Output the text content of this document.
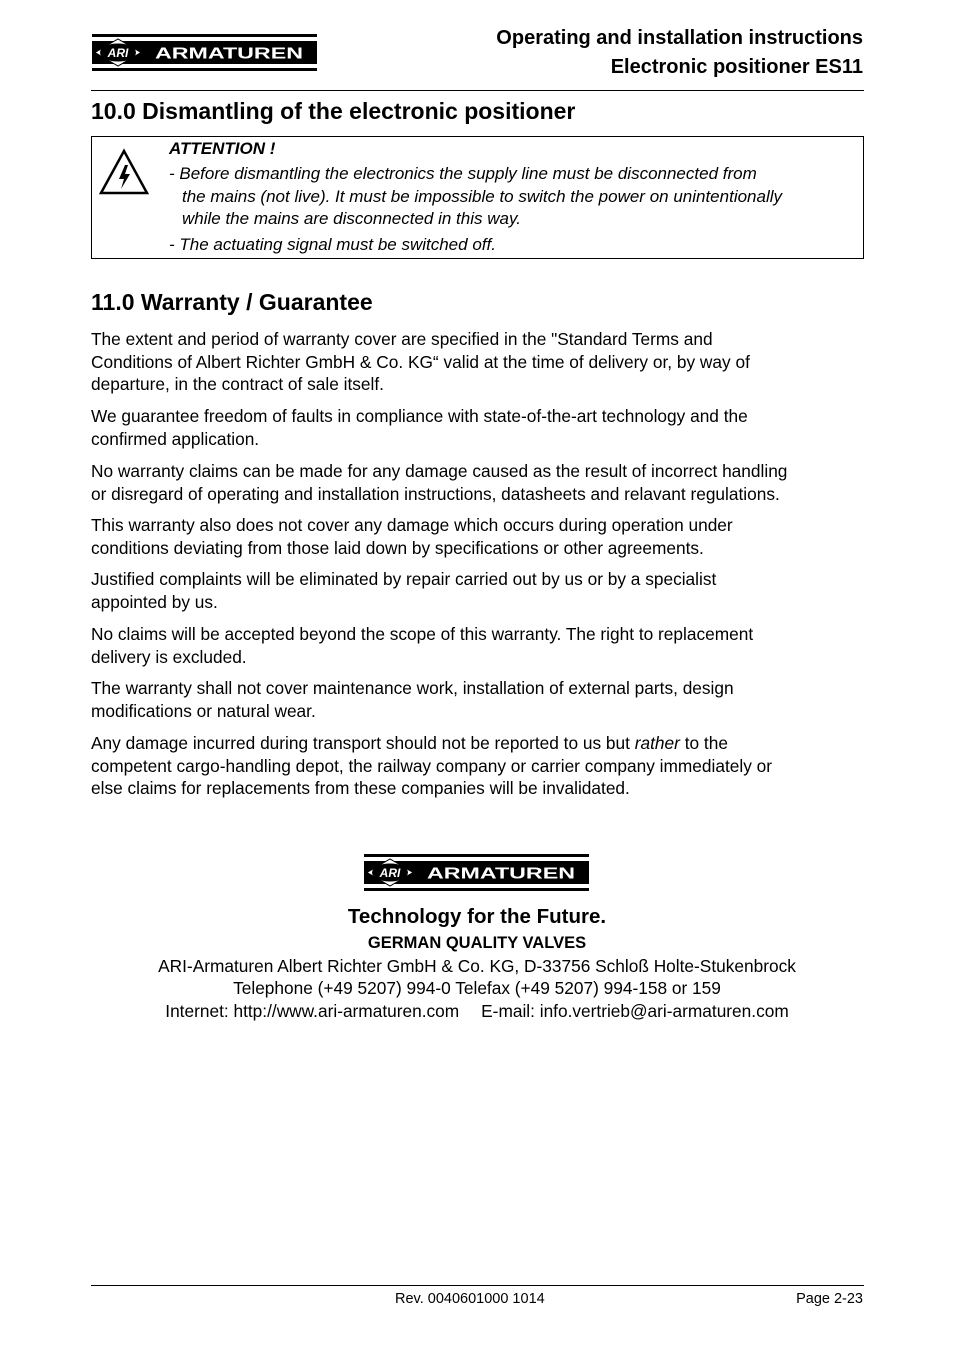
ARI ARMATUREN
Operating and installation instructions
Electronic positioner ES11
10.0 Dismantling of the electronic positioner
ATTENTION !
- Before dismantling the electronics the supply line must be disconnected from
the mains (not live). It must be impossible to switch the power on unintentionally
while the mains are disconnected in this way.
- The actuating signal must be switched off.
11.0 Warranty / Guarantee
The extent and period of warranty cover are specified in the "Standard Terms and
Conditions of Albert Richter GmbH & Co. KG“ valid at the time of delivery or, by way of
departure, in the contract of sale itself.
We guarantee freedom of faults in compliance with state-of-the-art technology and the
confirmed application.
No warranty claims can be made for any damage caused as the result of incorrect handling
or disregard of operating and installation instructions, datasheets and relavant regulations.
This warranty also does not cover any damage which occurs during operation under
conditions deviating from those laid down by specifications or other agreements.
Justified complaints will be eliminated by repair carried out by us or by a specialist
appointed by us.
No claims will be accepted beyond the scope of this warranty. The right to replacement
delivery is excluded.
The warranty shall not cover maintenance work, installation of external parts, design
modifications or natural wear.
Any damage incurred during transport should not be reported to us but rather to the
competent cargo-handling depot, the railway company or carrier company immediately or
else claims for replacements from these companies will be invalidated.
ARI ARMATUREN
Technology for the Future.
GERMAN QUALITY VALVES
ARI-Armaturen Albert Richter GmbH & Co. KG, D-33756 Schloß Holte-Stukenbrock
Telephone (+49 5207) 994-0 Telefax (+49 5207) 994-158 or 159
Internet: http://www.ari-armaturen.com E-mail: info.vertrieb@ari-armaturen.com
Rev. 0040601000 1014	Page 2-23
